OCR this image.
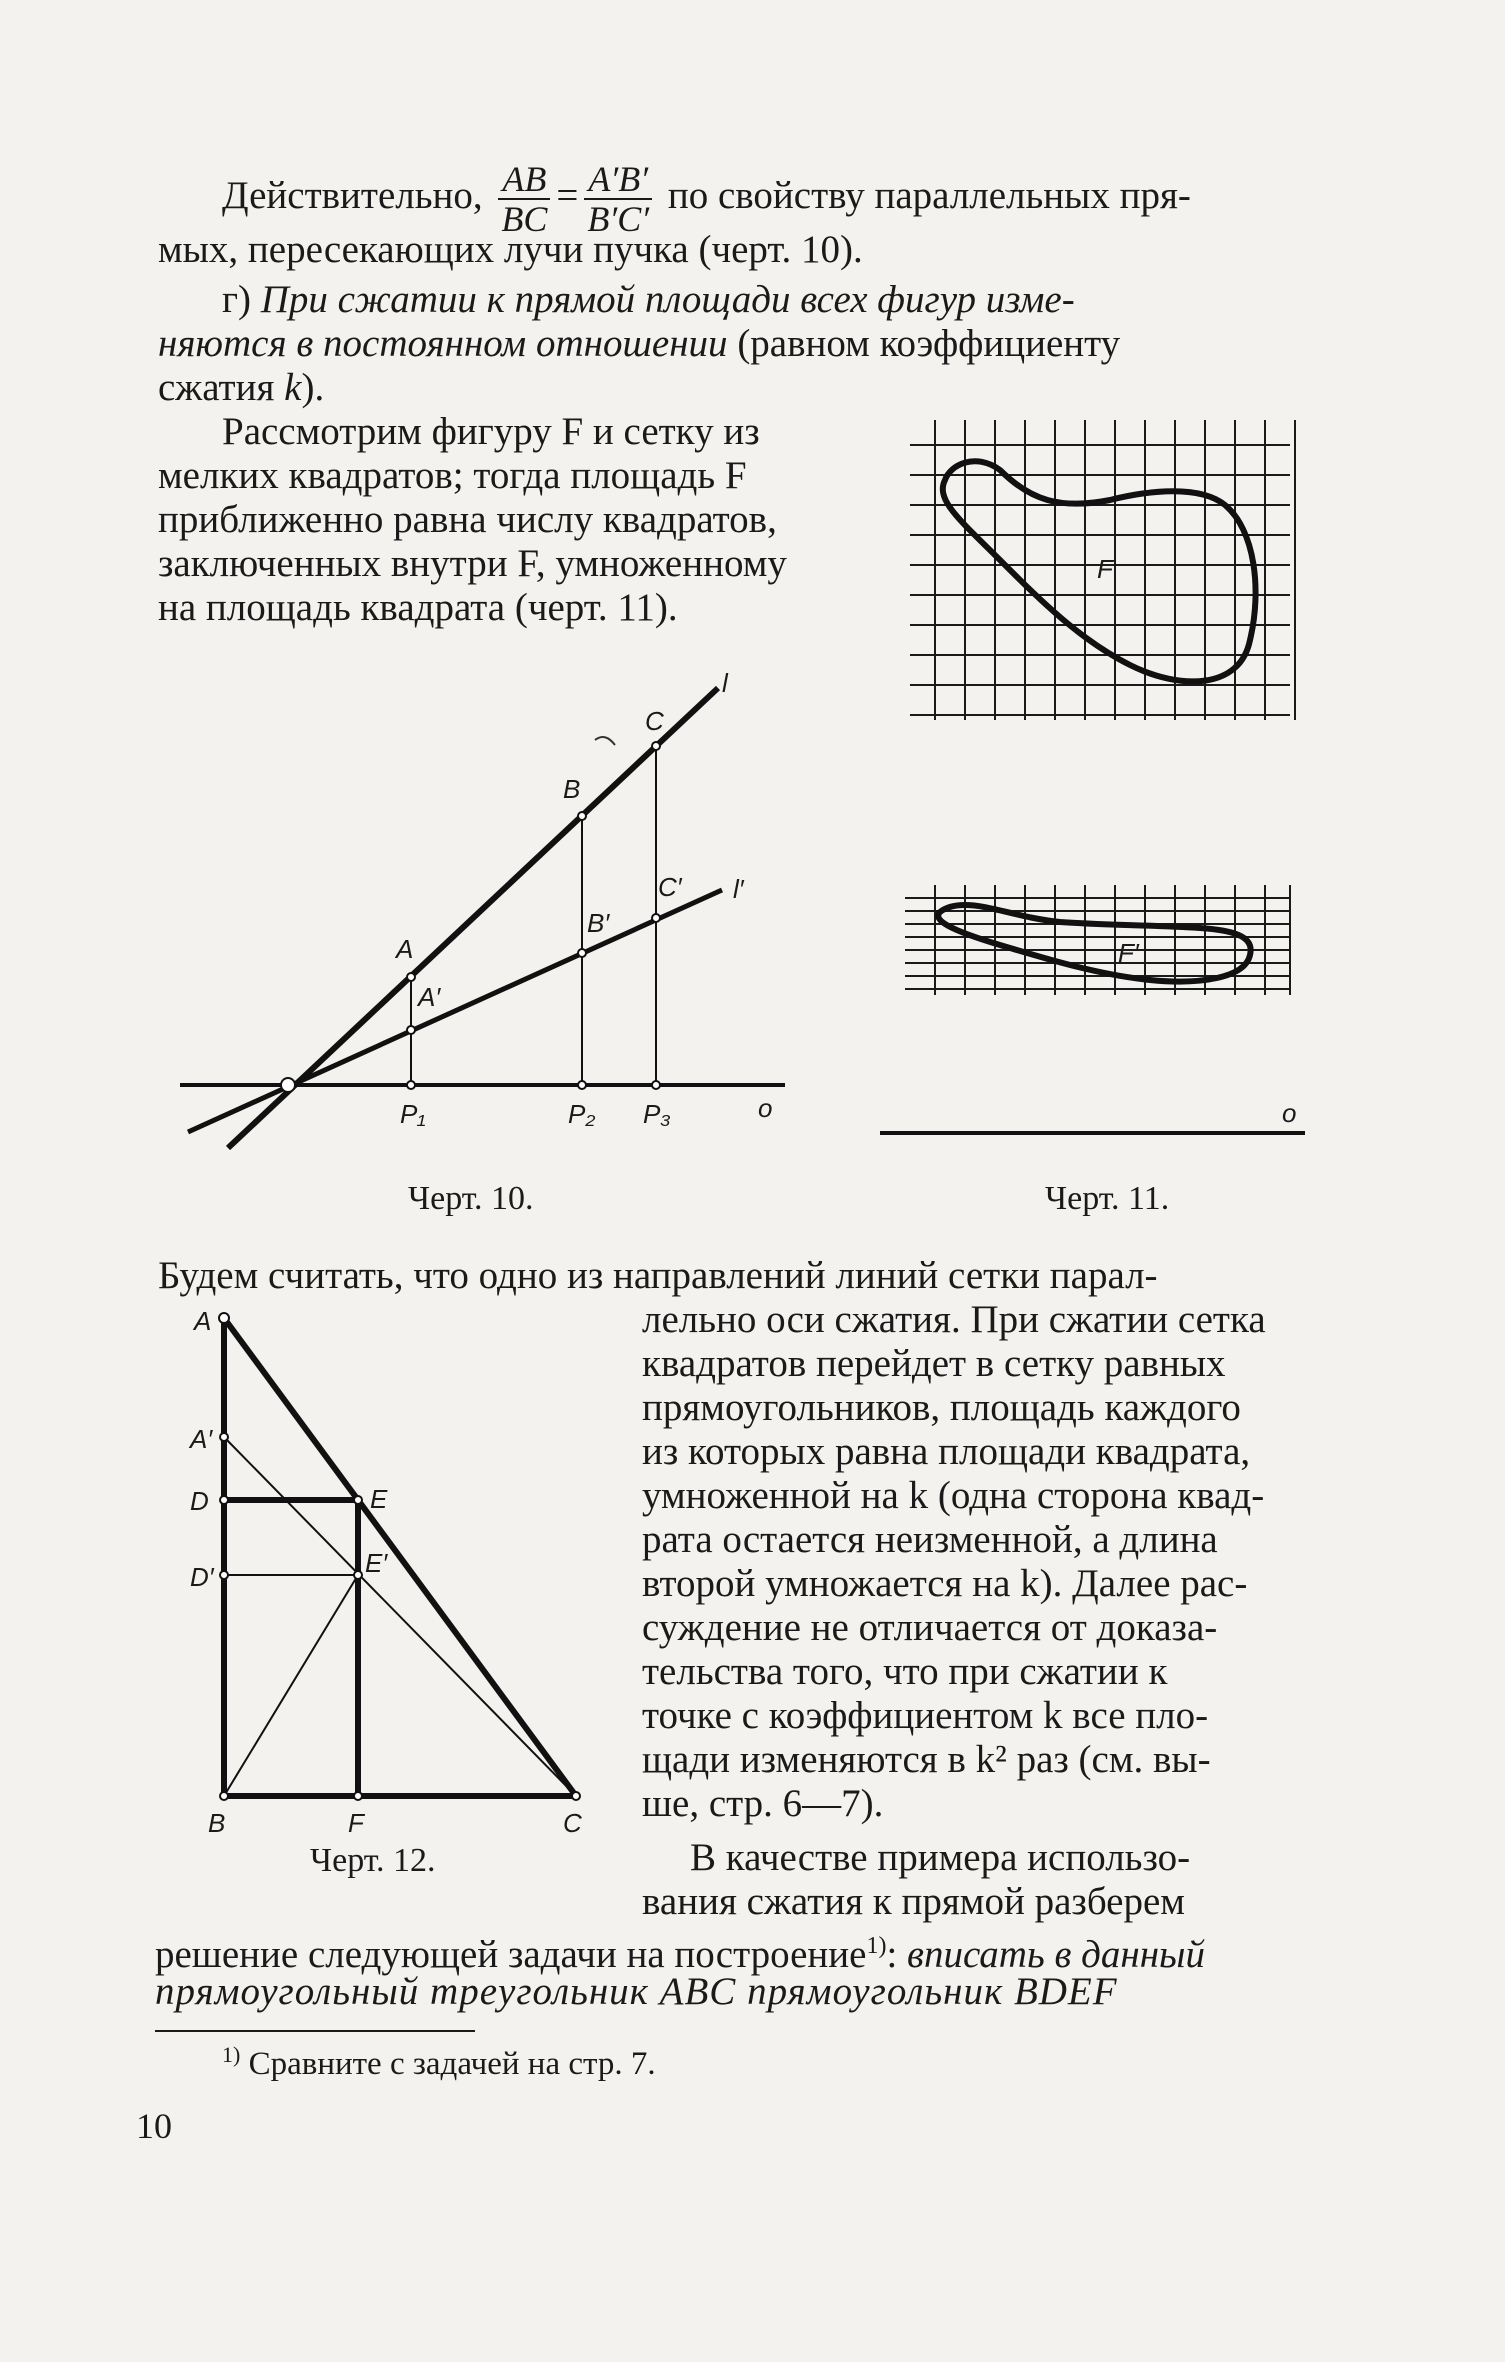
Действительно, $\frac{AB}{BC} = \frac{A'B'}{B'C'}$ по свойству параллельных пря-
мых, пересекающих лучи пучка (черт. 10).
г) При сжатии к прямой площади всех фигур изме-
няются в постоянном отношении (равном коэффициенту
сжатия k).
Рассмотрим фигуру F и сетку из
мелких квадратов; тогда площадь F
приближенно равна числу квадратов,
заключенных внутри F, умноженному
на площадь квадрата (черт. 11).
F
F′
o
l
l′
o
A
B
C
A′
B′
C′
P₁	P₂ P₃
Черт. 10.	Черт. 11.
Будем считать, что одно из направлений линий сетки парал-
лельно оси сжатия. При сжатии сетка
квадратов перейдет в сетку равных
прямоугольников, площадь каждого
из которых равна площади квадрата,
умноженной на k (одна сторона квад-
рата остается неизменной, а длина
второй умножается на k). Далее рас-
суждение не отличается от доказа-
тельства того, что при сжатии к
точке с коэффициентом k все пло-
щади изменяются в k² раз (см. вы-
ше, стр. 6—7).
A
A′
D
D′
E
E′
B	F	C
Черт. 12.	В качестве примера использо-
вания сжатия к прямой разберем
решение следующей задачи на построение$^{1)}$: вписать в данный
прямоугольный треугольник ABC прямоугольник BDEF
$^{1)}$ Сравните с задачей на стр. 7.
10
